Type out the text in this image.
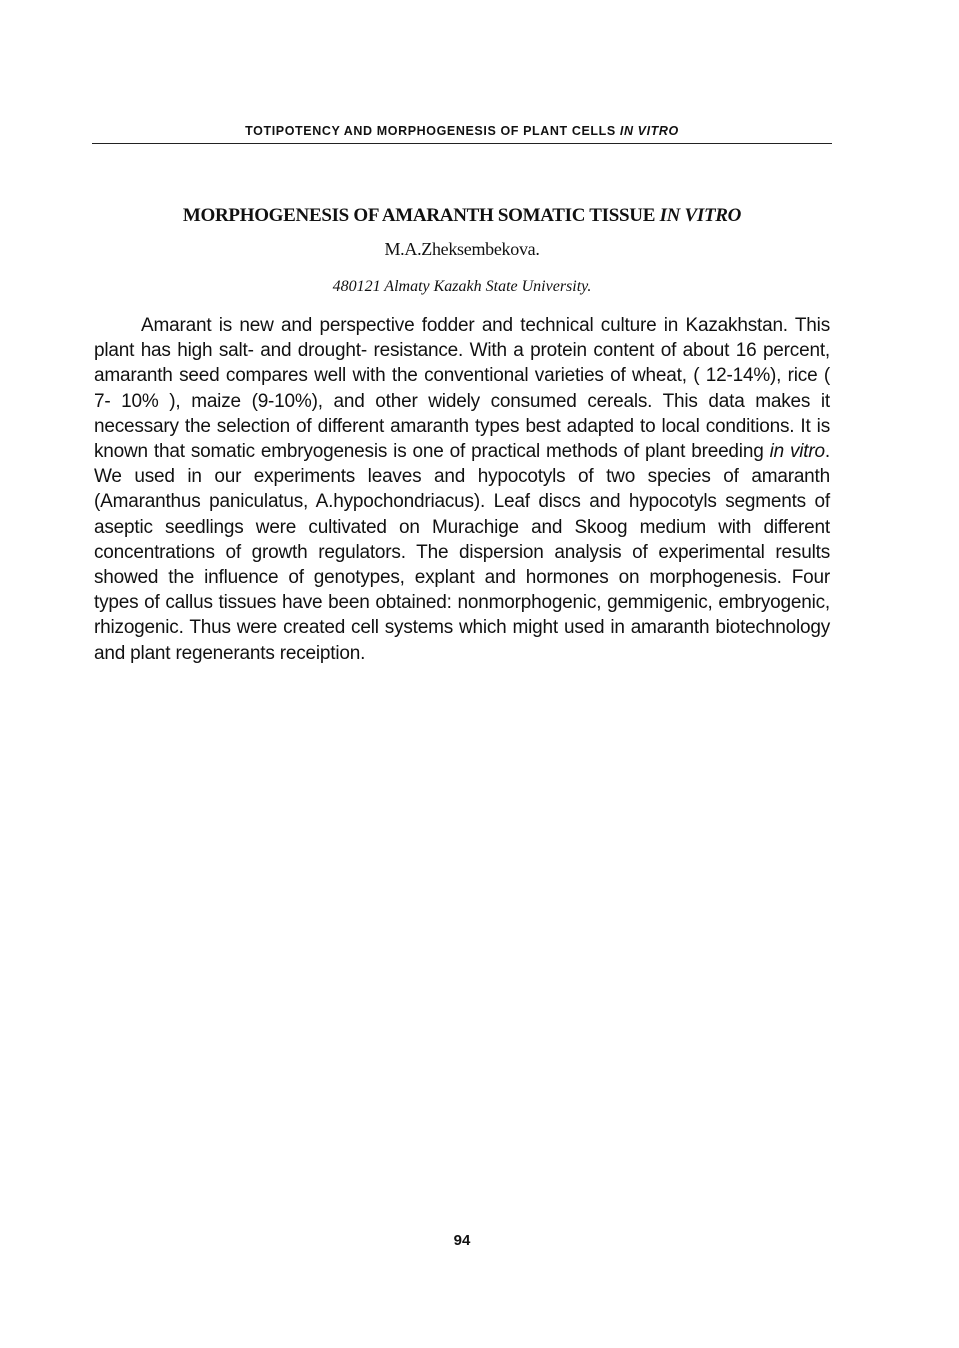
TOTIPOTENCY AND MORPHOGENESIS OF PLANT CELLS IN VITRO
MORPHOGENESIS OF AMARANTH SOMATIC TISSUE IN VITRO
M.A.Zheksembekova.
480121 Almaty Kazakh State University.

Amarant is new and perspective fodder and technical culture in Kazakhstan. This plant has high salt- and drought- resistance. With a protein content of about 16 percent, amaranth seed compares well with the conventional varieties of wheat, ( 12-14%), rice ( 7- 10% ), maize (9-10%), and other widely consumed cereals. This data makes it necessary the selection of different amaranth types best adapted to local conditions. It is known that somatic embryogenesis is one of practical methods of plant breeding in vitro. We used in our experiments leaves and hypocotyls of two species of amaranth (Amaranthus paniculatus, A.hypochondriacus). Leaf discs and hypocotyls segments of aseptic seedlings were cultivated on Murachige and Skoog medium with different concentrations of growth regulators. The dispersion analysis of experimental results showed the influence of genotypes, explant and hormones on morphogenesis. Four types of callus tissues have been obtained: nonmorphogenic, gemmigenic, embryogenic, rhizogenic. Thus were created cell systems which might used in amaranth biotechnology and plant regenerants receiption.

94
